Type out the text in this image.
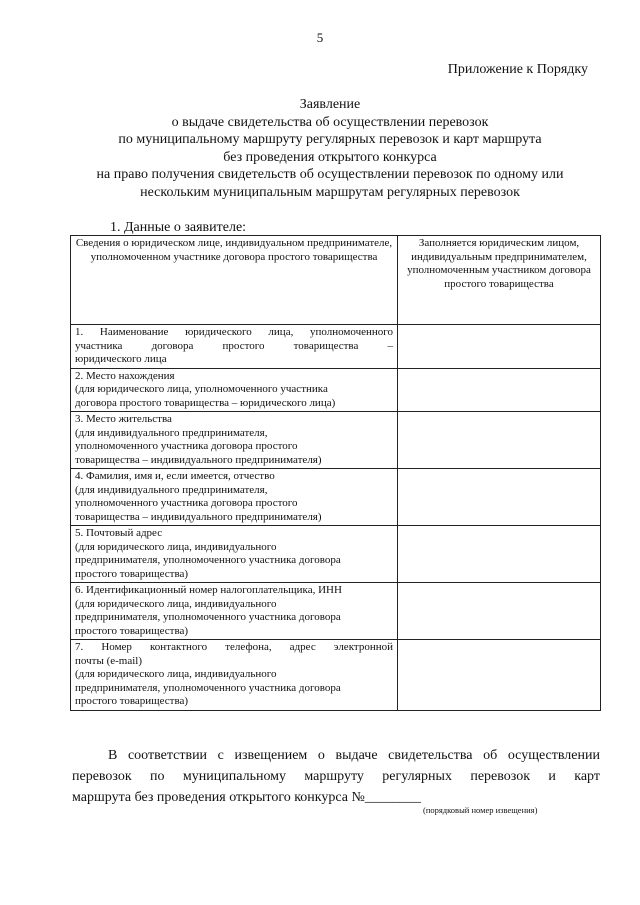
5
Приложение к Порядку
Заявление
о выдаче свидетельства об осуществлении перевозок
по муниципальному маршруту регулярных перевозок и карт маршрута
без проведения открытого конкурса
на право получения свидетельств об осуществлении перевозок по одному или
нескольким муниципальным маршрутам регулярных перевозок
1. Данные о заявителе:
Сведения о юридическом лице, индивидуальном предпринимателе, уполномоченном участнике договора простого товарищества	Заполняется юридическим лицом, индивидуальным предпринимателем, уполномоченным участником договора простого товарищества

1. Наименование юридического лица, уполномоченного
участника договора простого товарищества –
юридического лица	

2. Место нахождения
(для юридического лица, уполномоченного участника
договора простого товарищества – юридического лица)	

3. Место жительства
(для индивидуального предпринимателя,
уполномоченного участника договора простого
товарищества – индивидуального предпринимателя)	

4. Фамилия, имя и, если имеется, отчество
(для индивидуального предпринимателя,
уполномоченного участника договора простого
товарищества – индивидуального предпринимателя)	

5. Почтовый адрес
(для юридического лица, индивидуального
предпринимателя, уполномоченного участника договора
простого товарищества)	

6. Идентификационный номер налогоплательщика, ИНН
(для юридического лица, индивидуального
предпринимателя, уполномоченного участника договора
простого товарищества)	

7. Номер контактного телефона, адрес электронной
почты (e-mail)
(для юридического лица, индивидуального
предпринимателя, уполномоченного участника договора
простого товарищества)	

В соответствии с извещением о выдаче свидетельства об осуществлении
перевозок по муниципальному маршруту регулярных перевозок и карт
маршрута без проведения открытого конкурса №________
(порядковый номер извещения)
